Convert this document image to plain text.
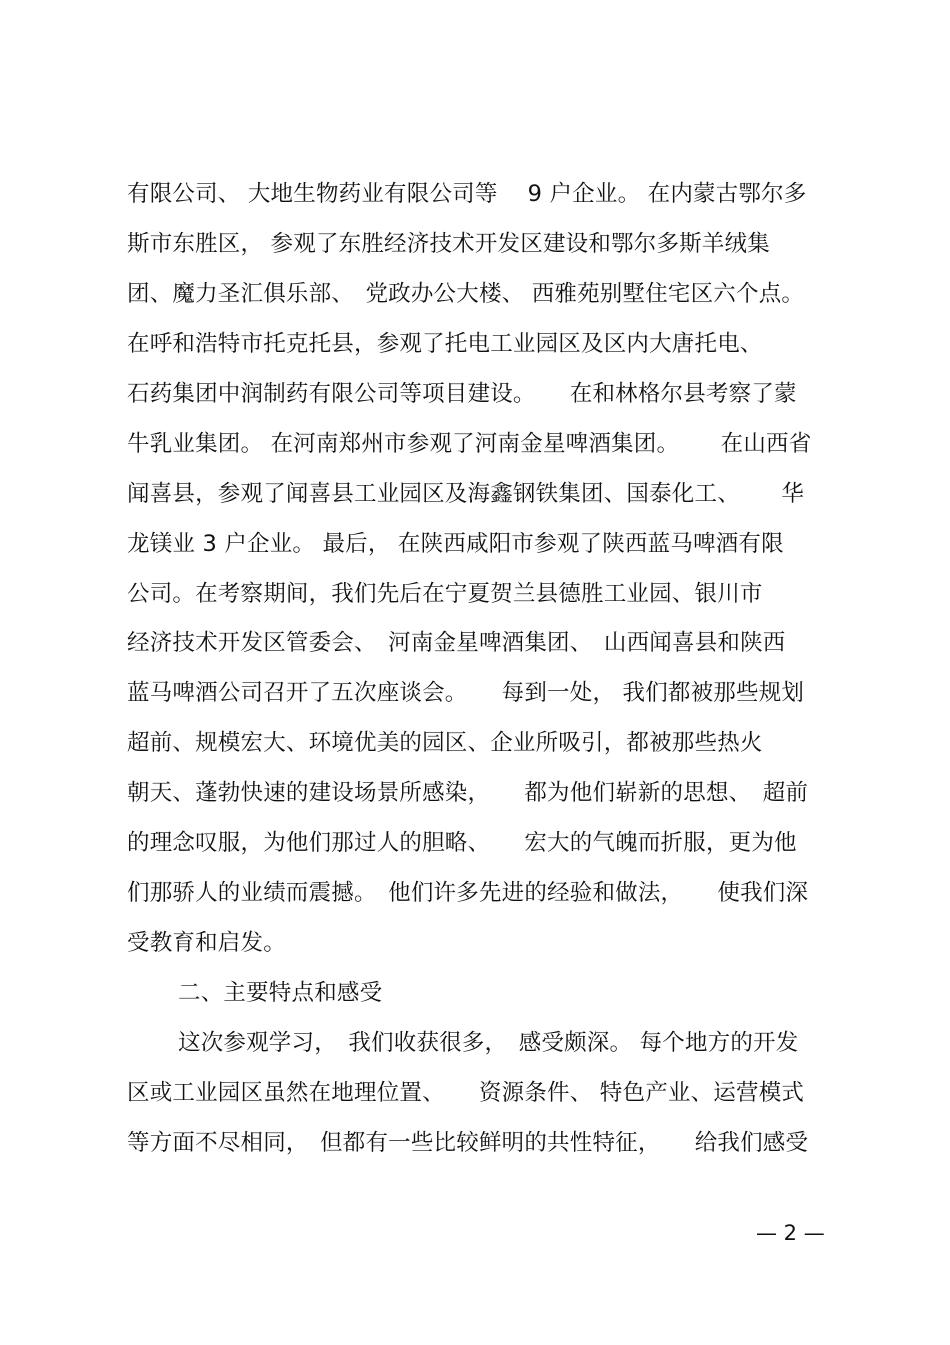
有限公司、 大地生物药业有限公司等　 9 户企业。 在内蒙古鄂尔多
斯市东胜区， 参观了东胜经济技术开发区建设和鄂尔多斯羊绒集
团、魔力圣汇俱乐部、　党政办公大楼、 西雅苑别墅住宅区六个点。
在呼和浩特市托克托县，参观了托电工业园区及区内大唐托电、
石药集团中润制药有限公司等项目建设。　　在和林格尔县考察了蒙
牛乳业集团。 在河南郑州市参观了河南金星啤酒集团。　　 在山西省
闻喜县，参观了闻喜县工业园区及海鑫钢铁集团、国泰化工、　　 华
龙镁业 3 户企业。 最后， 在陕西咸阳市参观了陕西蓝马啤酒有限
公司。在考察期间，我们先后在宁夏贺兰县德胜工业园、银川市
经济技术开发区管委会、　河南金星啤酒集团、　山西闻喜县和陕西
蓝马啤酒公司召开了五次座谈会。　　每到一处， 我们都被那些规划
超前、规模宏大、环境优美的园区、企业所吸引，都被那些热火
朝天、蓬勃快速的建设场景所感染，　　都为他们崭新的思想、　超前
的理念叹服，为他们那过人的胆略、　　宏大的气魄而折服，更为他
们那骄人的业绩而震撼。　他们许多先进的经验和做法，　　使我们深
受教育和启发。
二、主要特点和感受
这次参观学习，　我们收获很多，　感受颇深。 每个地方的开发
区或工业园区虽然在地理位置、　　资源条件、 特色产业、运营模式
等方面不尽相同，　但都有一些比较鲜明的共性特征，　　给我们感受
— 2 —
